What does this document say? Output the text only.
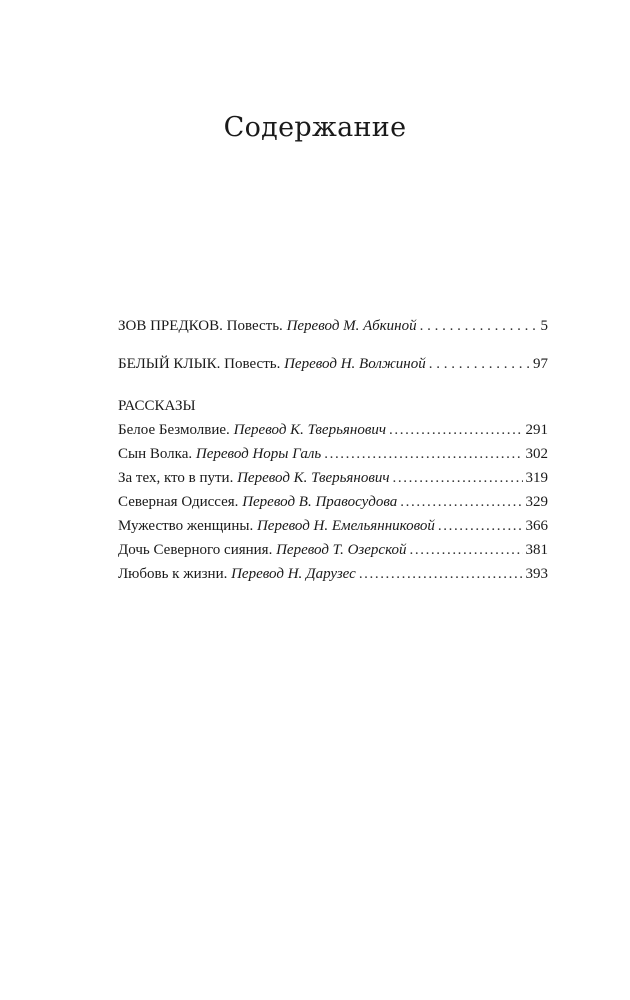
Содержание
ЗОВ ПРЕДКОВ. Повесть.
Перевод М. Абкиной . . .	5
БЕЛЫЙ КЛЫК. Повесть.
Перевод Н. Волжиной . . .	97
РАССКАЗЫ
Белое Безмолвие.
Перевод К. Тверьянович .....	291
Сын Волка.
Перевод Норы Галь .....	302
За тех, кто в пути.
Перевод К. Тверьянович .....	319
Северная Одиссея.
Перевод В. Правосудова .....	329
Мужество женщины.
Перевод Н. Емельянниковой .....	366
Дочь Северного сияния.
Перевод Т. Озерской .....	381
Любовь к жизни.
Перевод Н. Дарузес .....	393
